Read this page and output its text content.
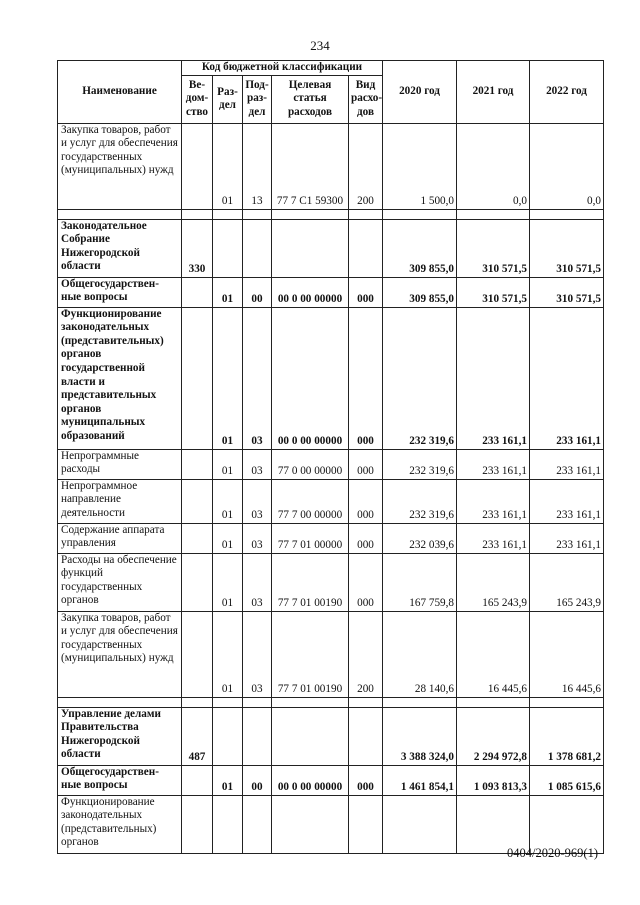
234
Наименование	Код бюджетной классификации					2020 год	2021 год	2022 год
	Ве-дом-ство	Раз-дел	Под-раз-дел	Целевая статья расходов	Вид расхо-дов			
Закупка товаров, работ и услуг для обеспечения государственных (муниципальных) нужд		01	13	77 7 С1 59300	200	1 500,0	0,0	0,0

Законодательное Собрание Нижегородской области	330					309 855,0	310 571,5	310 571,5
Общегосударствен-ные вопросы		01	00	00 0 00 00000	000	309 855,0	310 571,5	310 571,5
Функционирование законодательных (представительных) органов государственной власти и представительных органов муниципальных образований		01	03	00 0 00 00000	000	232 319,6	233 161,1	233 161,1
Непрограммные расходы		01	03	77 0 00 00000	000	232 319,6	233 161,1	233 161,1
Непрограммное направление деятельности		01	03	77 7 00 00000	000	232 319,6	233 161,1	233 161,1
Содержание аппарата управления		01	03	77 7 01 00000	000	232 039,6	233 161,1	233 161,1
Расходы на обеспечение функций государственных органов		01	03	77 7 01 00190	000	167 759,8	165 243,9	165 243,9
Закупка товаров, работ и услуг для обеспечения государственных (муниципальных) нужд		01	03	77 7 01 00190	200	28 140,6	16 445,6	16 445,6

Управление делами Правительства Нижегородской области	487					3 388 324,0	2 294 972,8	1 378 681,2
Общегосударствен-ные вопросы		01	00	00 0 00 00000	000	1 461 854,1	1 093 813,3	1 085 615,6
Функционирование законодательных (представительных) органов								
0404/2020-969(1)
